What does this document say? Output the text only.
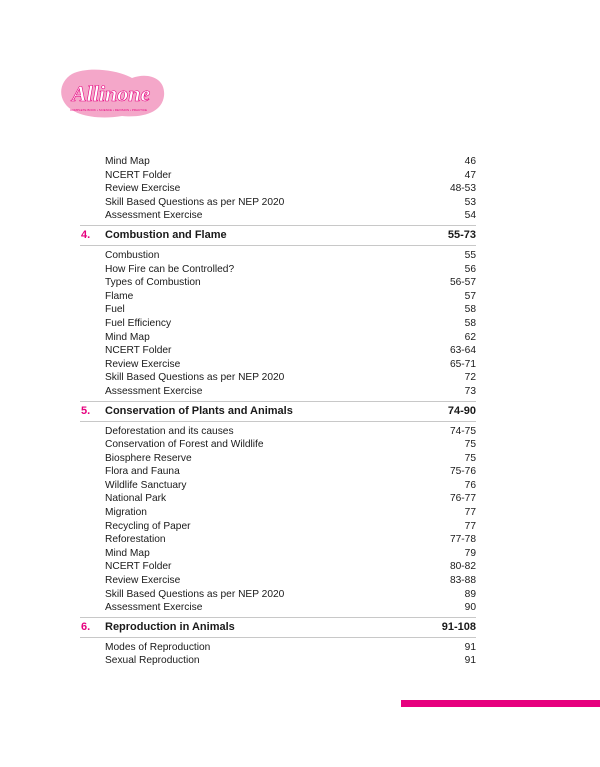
Allinone
COMPLETE BOOK • SCIENCE • REVISION • PRACTICE
Mind Map	46
NCERT Folder	47
Review Exercise	48-53
Skill Based Questions as per NEP 2020	53
Assessment Exercise	54
4.	Combustion and Flame	55-73
Combustion	55
How Fire can be Controlled?	56
Types of Combustion	56-57
Flame	57
Fuel	58
Fuel Efficiency	58
Mind Map	62
NCERT Folder	63-64
Review Exercise	65-71
Skill Based Questions as per NEP 2020	72
Assessment Exercise	73
5.	Conservation of Plants and Animals	74-90
Deforestation and its causes	74-75
Conservation of Forest and Wildlife	75
Biosphere Reserve	75
Flora and Fauna	75-76
Wildlife Sanctuary	76
National Park	76-77
Migration	77
Recycling of Paper	77
Reforestation	77-78
Mind Map	79
NCERT Folder	80-82
Review Exercise	83-88
Skill Based Questions as per NEP 2020	89
Assessment Exercise	90
6.	Reproduction in Animals	91-108
Modes of Reproduction	91
Sexual Reproduction	91
